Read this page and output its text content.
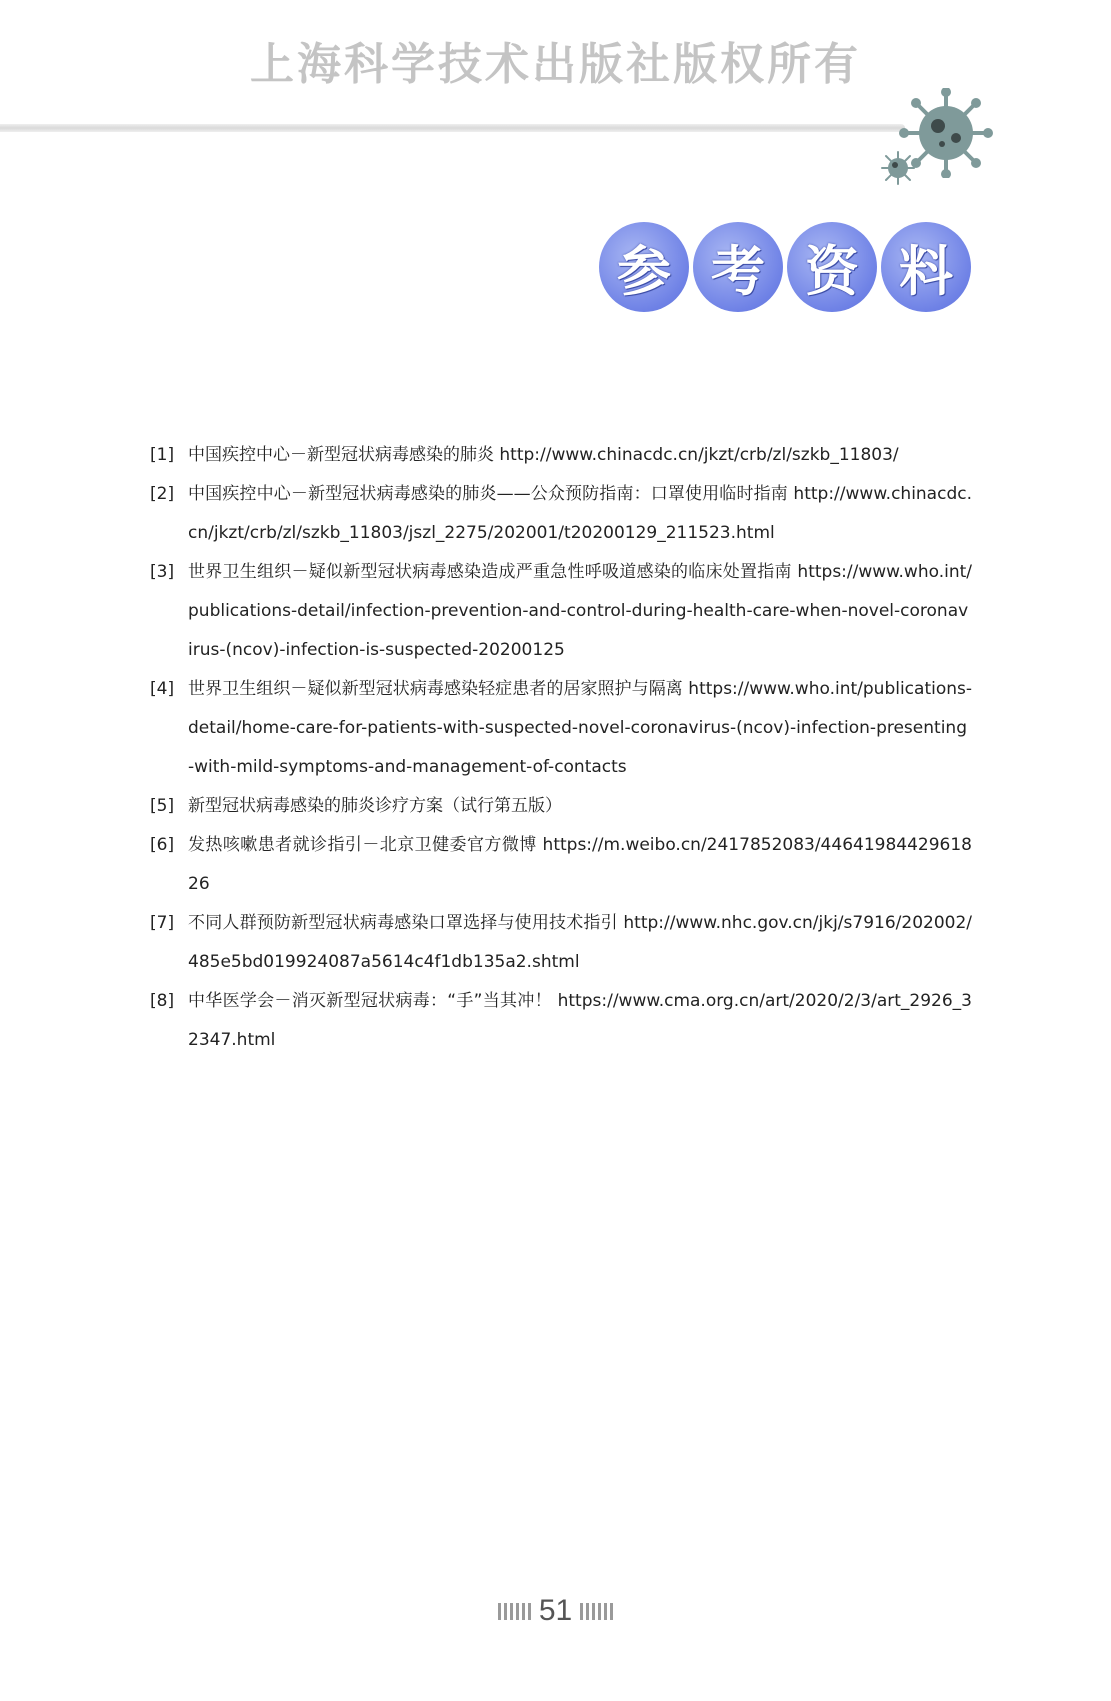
上海科学技术出版社版权所有
参 考 资 料
[1] 中国疾控中心－新型冠状病毒感染的肺炎 http://www.chinacdc.cn/jkzt/crb/zl/szkb_11803/
[2] 中国疾控中心－新型冠状病毒感染的肺炎——公众预防指南：口罩使用临时指南 http://www.chinacdc.cn/jkzt/crb/zl/szkb_11803/jszl_2275/202001/t20200129_211523.html
[3] 世界卫生组织－疑似新型冠状病毒感染造成严重急性呼吸道感染的临床处置指南 https://www.who.int/publications-detail/infection-prevention-and-control-during-health-care-when-novel-coronavirus-(ncov)-infection-is-suspected-20200125
[4] 世界卫生组织－疑似新型冠状病毒感染轻症患者的居家照护与隔离 https://www.who.int/publications-detail/home-care-for-patients-with-suspected-novel-coronavirus-(ncov)-infection-presenting-with-mild-symptoms-and-management-of-contacts
[5] 新型冠状病毒感染的肺炎诊疗方案（试行第五版）
[6] 发热咳嗽患者就诊指引－北京卫健委官方微博 https://m.weibo.cn/2417852083/4464198442961826
[7] 不同人群预防新型冠状病毒感染口罩选择与使用技术指引 http://www.nhc.gov.cn/jkj/s7916/202002/485e5bd019924087a5614c4f1db135a2.shtml
[8] 中华医学会－消灭新型冠状病毒：“手”当其冲！ https://www.cma.org.cn/art/2020/2/3/art_2926_32347.html
51
